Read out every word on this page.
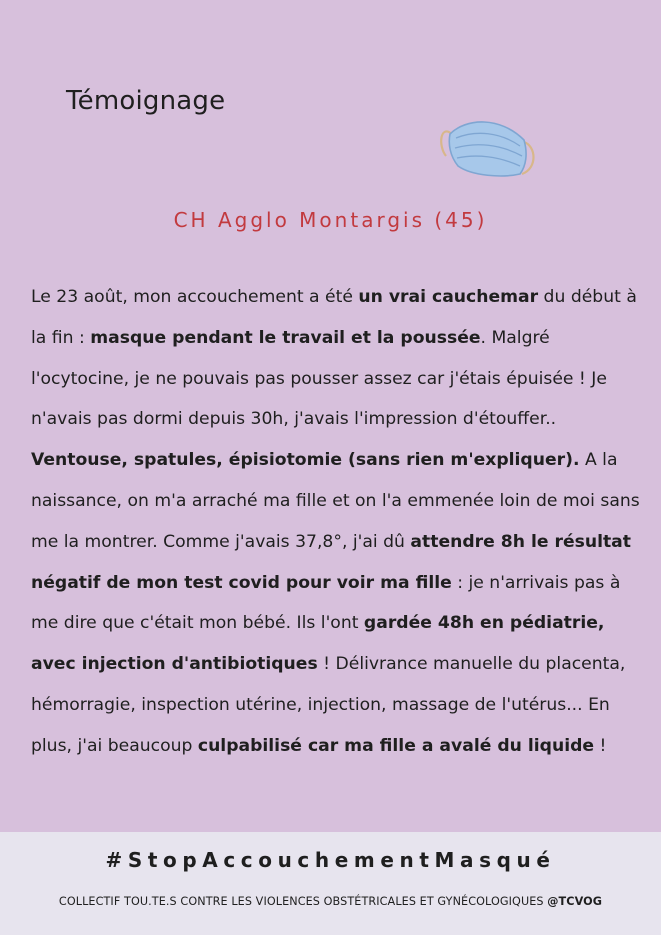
Témoignage
CH Agglo Montargis (45)
Le 23 août, mon accouchement a été un vrai cauchemar du début à la fin : masque pendant le travail et la poussée. Malgré l'ocytocine, je ne pouvais pas pousser assez car j'étais épuisée ! Je n'avais pas dormi depuis 30h, j'avais l'impression d'étouffer.. Ventouse, spatules, épisiotomie (sans rien m'expliquer). A la naissance, on m'a arraché ma fille et on l'a emmenée loin de moi sans me la montrer. Comme j'avais 37,8°, j'ai dû attendre 8h le résultat négatif de mon test covid pour voir ma fille : je n'arrivais pas à me dire que c'était mon bébé. Ils l'ont gardée 48h en pédiatrie, avec injection d'antibiotiques ! Délivrance manuelle du placenta, hémorragie, inspection utérine, injection, massage de l'utérus... En plus, j'ai beaucoup culpabilisé car ma fille a avalé du liquide !
#StopAccouchementMasqué
COLLECTIF TOU.TE.S CONTRE LES VIOLENCES OBSTÉTRICALES ET GYNÉCOLOGIQUES @TCVOG
